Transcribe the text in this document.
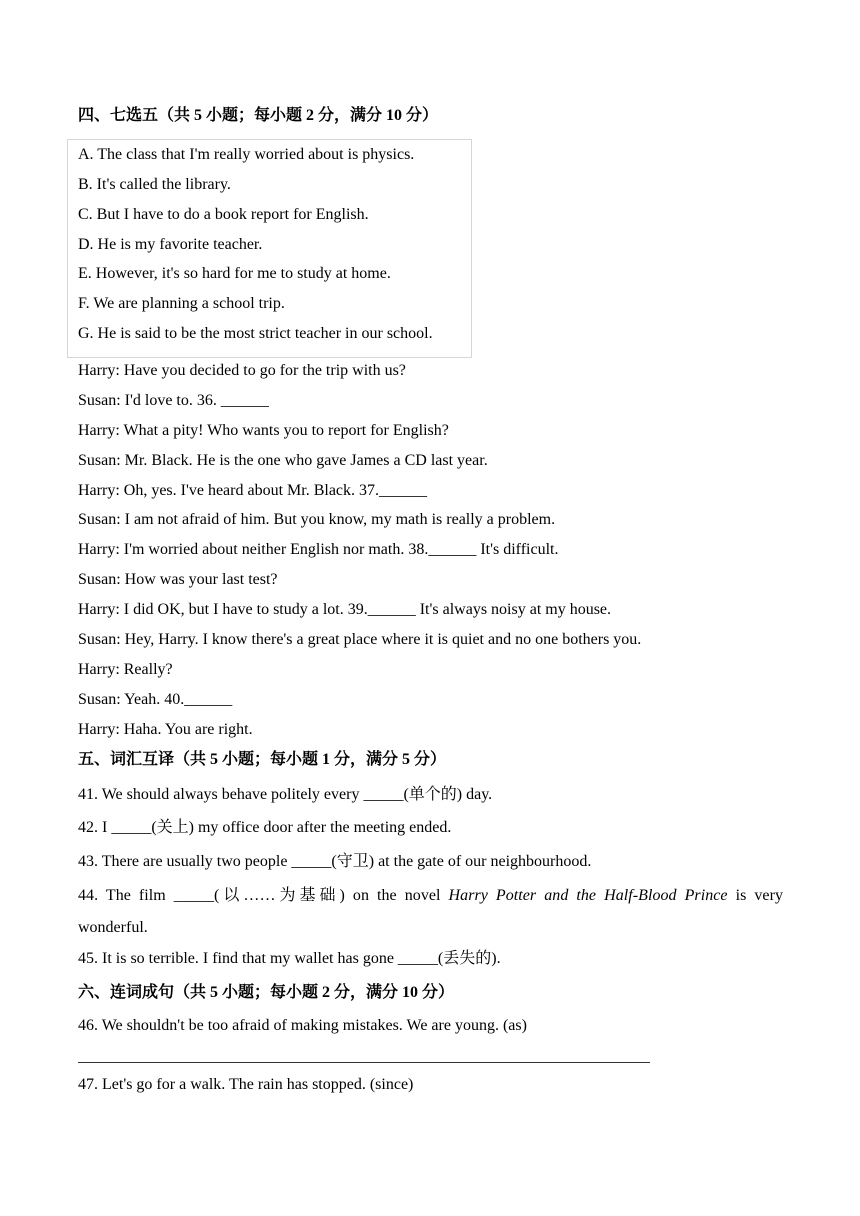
四、七选五（共 5 小题；每小题 2 分，满分 10 分）
A. The class that I'm really worried about is physics.
B. It's called the library.
C. But I have to do a book report for English.
D. He is my favorite teacher.
E. However, it's so hard for me to study at home.
F. We are planning a school trip.
G. He is said to be the most strict teacher in our school.
Harry: Have you decided to go for the trip with us?
Susan: I'd love to. 36. ______
Harry: What a pity! Who wants you to report for English?
Susan: Mr. Black. He is the one who gave James a CD last year.
Harry: Oh, yes. I've heard about Mr. Black. 37.______
Susan: I am not afraid of him. But you know, my math is really a problem.
Harry: I'm worried about neither English nor math. 38.______ It's difficult.
Susan: How was your last test?
Harry: I did OK, but I have to study a lot. 39.______ It's always noisy at my house.
Susan: Hey, Harry. I know there's a great place where it is quiet and no one bothers you.
Harry: Really?
Susan: Yeah. 40.______
Harry: Haha. You are right.
五、词汇互译（共 5 小题；每小题 1 分，满分 5 分）
41. We should always behave politely every _____(单个的) day.
42. I _____(关上) my office door after the meeting ended.
43. There are usually two people _____(守卫) at the gate of our neighbourhood.
44. The film _____(以……为基础) on the novel Harry Potter and the Half-Blood Prince is very
wonderful.
45. It is so terrible. I find that my wallet has gone _____(丢失的).
六、连词成句（共 5 小题；每小题 2 分，满分 10 分）
46. We shouldn't be too afraid of making mistakes. We are young. (as)
47. Let's go for a walk. The rain has stopped. (since)
